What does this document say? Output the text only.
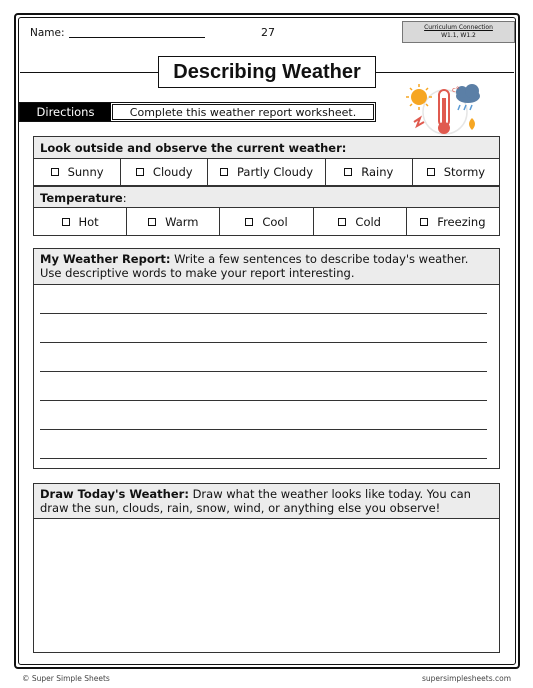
Name:	27	Curriculum Connection
W1.1, W1.2
Describing Weather
c°
Directions	Complete this weather report worksheet.
Look outside and observe the current weather:
Sunny	Cloudy	Partly Cloudy	Rainy	Stormy
Temperature:
Hot	Warm	Cool	Cold	Freezing
My Weather Report: Write a few sentences to describe today's weather. Use descriptive words to make your report interesting.
Draw Today's Weather: Draw what the weather looks like today. You can draw the sun, clouds, rain, snow, wind, or anything else you observe!
© Super Simple Sheets	supersimplesheets.com
